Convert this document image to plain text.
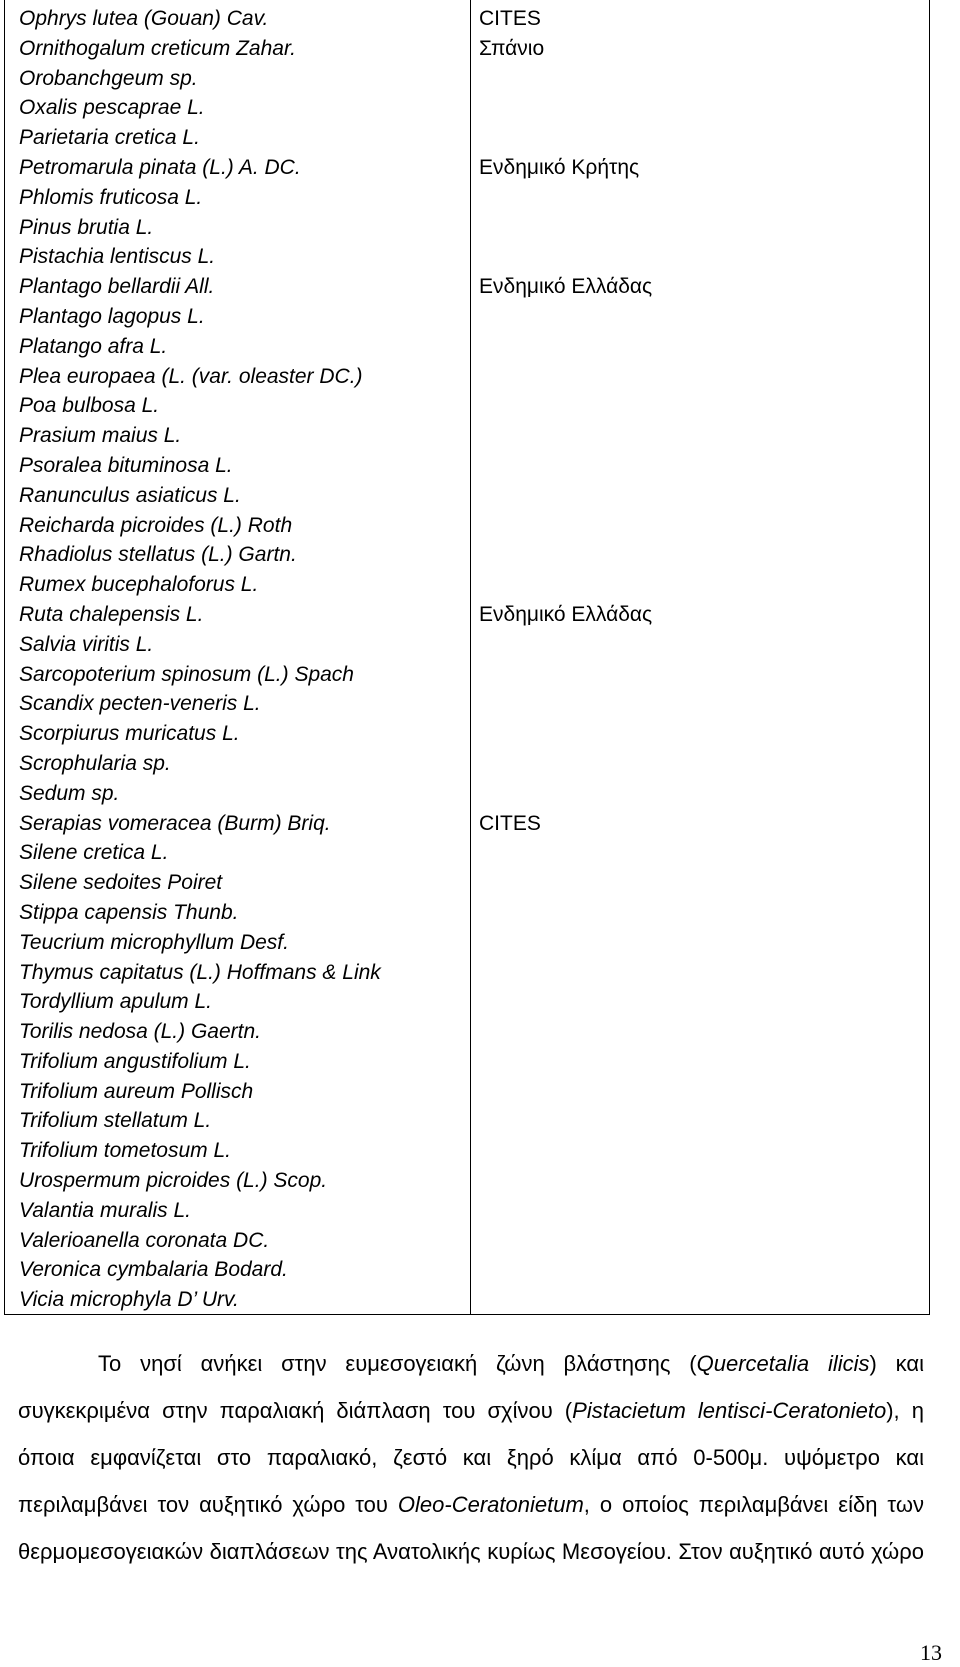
Ophrys lutea (Gouan) Cav.	CITES
Ornithogalum creticum Zahar.	Σπάνιο
Orobanchgeum sp.
Oxalis pescaprae L.
Parietaria cretica L.
Petromarula pinata (L.) A. DC.	Ενδημικό Κρήτης
Phlomis fruticosa L.
Pinus brutia L.
Pistachia lentiscus L.
Plantago bellardii All.	Ενδημικό Ελλάδας
Plantago lagopus L.
Platango afra L.
Plea europaea (L. (var. oleaster DC.)
Poa bulbosa L.
Prasium maius L.
Psoralea bituminosa L.
Ranunculus asiaticus L.
Reicharda picroides (L.) Roth
Rhadiolus stellatus (L.) Gartn.
Rumex bucephaloforus L.
Ruta chalepensis L.	Ενδημικό Ελλάδας
Salvia viritis L.
Sarcopoterium spinosum (L.) Spach
Scandix pecten-veneris L.
Scorpiurus muricatus L.
Scrophularia sp.
Sedum sp.
Serapias vomeracea (Burm) Briq.	CITES
Silene cretica L.
Silene sedoites Poiret
Stippa capensis Thunb.
Teucrium microphyllum Desf.
Thymus capitatus (L.) Hoffmans & Link
Tordyllium apulum L.
Torilis nedosa (L.) Gaertn.
Trifolium angustifolium L.
Trifolium aureum Pollisch
Trifolium stellatum L.
Trifolium tometosum L.
Urospermum picroides (L.) Scop.
Valantia muralis L.
Valerioanella coronata DC.
Veronica cymbalaria Bodard.
Vicia microphyla D’ Urv.

Το νησί ανήκει στην ευμεσογειακή ζώνη βλάστησης (Quercetalia ilicis) και συγκεκριμένα στην παραλιακή διάπλαση του σχίνου (Pistacietum lentisci-Ceratonieto), η όποια εμφανίζεται στο παραλιακό, ζεστό και ξηρό κλίμα από 0-500μ. υψόμετρο και περιλαμβάνει τον αυξητικό χώρο του Oleo-Ceratonietum, ο οποίος περιλαμβάνει είδη των θερμομεσογειακών διαπλάσεων της Ανατολικής κυρίως Μεσογείου. Στον αυξητικό αυτό χώρο

13
